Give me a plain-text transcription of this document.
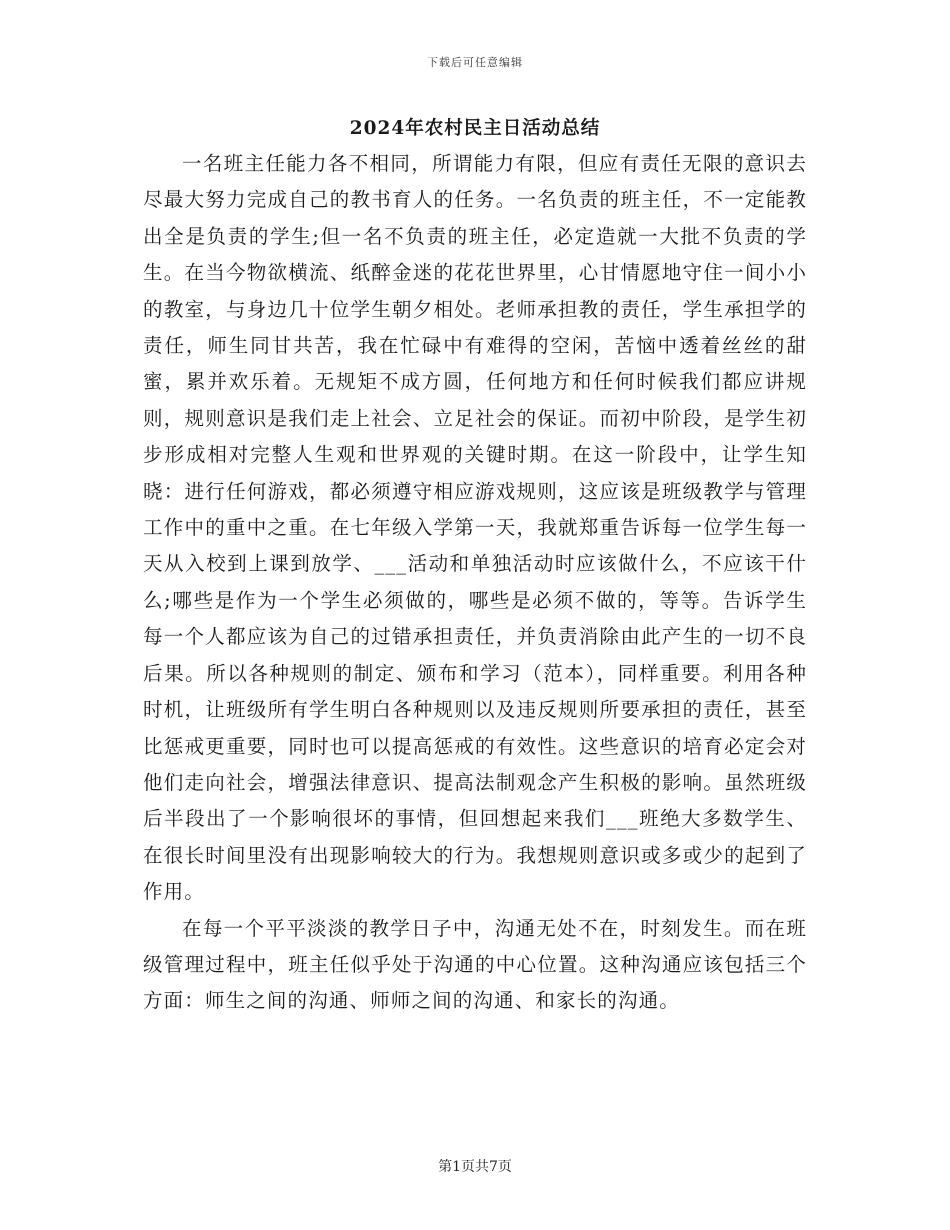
下载后可任意编辑
2024年农村民主日活动总结

一名班主任能力各不相同，所谓能力有限，但应有责任无限的意识去尽最大努力完成自己的教书育人的任务。一名负责的班主任，不一定能教出全是负责的学生;但一名不负责的班主任，必定造就一大批不负责的学生。在当今物欲横流、纸醉金迷的花花世界里，心甘情愿地守住一间小小的教室，与身边几十位学生朝夕相处。老师承担教的责任，学生承担学的责任，师生同甘共苦，我在忙碌中有难得的空闲，苦恼中透着丝丝的甜蜜，累并欢乐着。无规矩不成方圆，任何地方和任何时候我们都应讲规则，规则意识是我们走上社会、立足社会的保证。而初中阶段，是学生初步形成相对完整人生观和世界观的关键时期。在这一阶段中，让学生知晓：进行任何游戏，都必须遵守相应游戏规则，这应该是班级教学与管理工作中的重中之重。在七年级入学第一天，我就郑重告诉每一位学生每一天从入校到上课到放学、___活动和单独活动时应该做什么，不应该干什么;哪些是作为一个学生必须做的，哪些是必须不做的，等等。告诉学生每一个人都应该为自己的过错承担责任，并负责消除由此产生的一切不良后果。所以各种规则的制定、颁布和学习（范本），同样重要。利用各种时机，让班级所有学生明白各种规则以及违反规则所要承担的责任，甚至比惩戒更重要，同时也可以提高惩戒的有效性。这些意识的培育必定会对他们走向社会，增强法律意识、提高法制观念产生积极的影响。虽然班级后半段出了一个影响很坏的事情，但回想起来我们___班绝大多数学生、在很长时间里没有出现影响较大的行为。我想规则意识或多或少的起到了作用。

在每一个平平淡淡的教学日子中，沟通无处不在，时刻发生。而在班级管理过程中，班主任似乎处于沟通的中心位置。这种沟通应该包括三个方面：师生之间的沟通、师师之间的沟通、和家长的沟通。

第1页共7页
